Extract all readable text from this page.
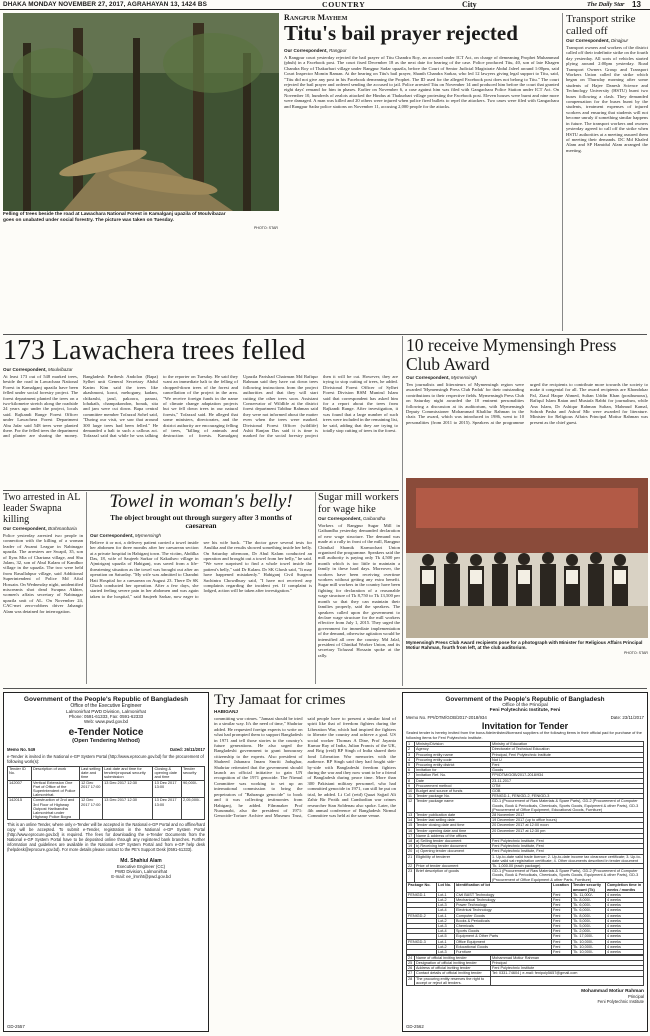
DHAKA MONDAY NOVEMBER 27, 2017, AGRAHAYAN 13, 1424 BS	COUNTRY	The Daily Star 13
City
Felling of trees beside the road at Lawachara National Forest in Kamalganj upazila of Moulvibazar goes on unabated under social forestry. The picture was taken on Tuesday.
PHOTO: STAR
Rangpur Mayhem
Titu's bail prayer rejected
Our Correspondent, Rangpur
A Rangpur court yesterday rejected the bail prayer of Titu Chandra Roy, an accused under ICT Act, on charge of demeaning Prophet Muhammad (pbuh) in a Facebook post. The court fixed December 18 as the next date for hearing of the case. Police produced Titu, 40, son of late Khagen Chandra Roy of Thakurbari village under Rangpur Sadar upazila, before the Court of Senior Judicial Magistrate Abdul Jaleel around 1:00pm, said Court Inspector Momin Raman. At the hearing on Titu's bail prayer, Shanth Chandra Sarkar, who led 12 lawyers giving legal support to Titu, said, "Titu did not give any post in his Facebook demeaning the Prophet. The ID used for the alleged Facebook post does not belong to Titu." The court rejected the bail prayer and ordered sending the accused to jail. Police arrested Titu on November 14 and produced him before the court that granted eight days' remand for him in phases. Earlier on November 6, a case against him was filed with Gangachara Police Station under ICT Act. On November 10, hundreds of zealots attacked the Hindus at Thakurbari village protesting the Facebook post. Eleven houses were burnt and nine more were damaged. A man was killed and 20 others were injured when police fired bullets to repel the attackers. Two cases were filed with Gangachara and Rangpur Sadar police stations on November 11, accusing 2,000 people for the attacks.
Transport strike called off
Our Correspondent, Dinajpur
Transport owners and workers of the district called off their indefinite strike on the fourth day yesterday. All sorts of vehicles started plying around 2:00pm yesterday. Road Transport Owners Group and Transport Workers Union called the strike which began on Thursday morning after some students of Hajee Danesh Science and Technology University (HSTU) burnt two buses following a clash. They demanded compensation for the buses burnt by the students, treatment expenses of injured workers and ensuring that students will not become unruly if something similar happens in future. The transport workers and owners yesterday agreed to call off the strike when HSTU authorities at a meeting assured them of meeting their demands. DC Md Khaled Alam and SP Hamidul Alam arranged the meeting.
173 Lawachera trees felled
Our Correspondent, Moulvibazar
At least 173 out of 548 marked trees, beside the road in Lawachara National Forest in Kamalganj upazila have been felled under social forestry project. The forest department planted the trees on a two-kilometre stretch along the roadside 24 years ago under the project, locals said. Rajkandi Range Forest Officer under Lawachera Forest Department Abu Jafar said 548 trees were planted there. For the felled trees the department and planter are sharing the money. Bangladesh Paribesh Andolon (Bapa) Sylhet unit General Secretary Abdul Karim Kim said the trees like akashmoni, koroi, mehogany, kadam, chikrashi, jarul, pakoora, panasi, lohakath, champakondon, bonak, sita and jam were cut down. Bapa central committee member Tofazzal Sohel said, "During our visit, we saw that around 300 large trees had been felled." He demanded a halt to such a callous act. Tofazzal said that while he was talking to the reporter on Tuesday. He said they want an immediate halt to the felling of chopped-down trees of the forest and cancellation of the project in the area. "We receive foreign funds in the name of climate change adaptation projects but we fell down trees in our natural forests," Tofazzal said. He alleged that some ministers, directorates, and the district authority are encouraging felling of trees, "killing of animals and destruction of forests. Kamalganj Upazila Parishad Chairman Md Rafiqur Rahman said they have cut down trees following instructions from the project authorities and that they will start cutting the other trees soon. Assistant Conservator of Wildlife at the district forest department Tabibur Rahman said they were not informed about the matter even when the trees were marked. Divisional Forest Officer (wildlife) Ashit Ranjan Das said it is time is marked for the social forestry project then it will be cut. However, they are trying to stop cutting of trees, he added. Divisional Forest Officer of Sylhet Forest Division RSM Munirul Islam said that correspondent has asked him for a report about the trees from Rajkandi Range. After investigation, it was found that a large number of such trees were included in the remaining list, he said, adding that they are trying to totally stop cutting of trees in the forest.
10 receive Mymensingh Press Club Award
Our Correspondent, Mymensingh
Ten journalists and litterateurs of Mymensingh region were awarded 'Mymensingh Press Club Padak' for their outstanding contributions to their respective fields. Mymensingh Press Club on Saturday night awarded the 10 eminent personalities following a discussion at its auditorium, with Mymensingh Deputy Commissioner Mohammad Khalilur Rahman in the chair. The award, which was introduced in 1986, went to 10 personalities (from 2011 to 2015). Speakers at the programme urged the recipients to contribute more towards the society to make it congenial for all. The award recipients are Khondokar Pal, Ziaul Haque Ahmed, Sultan Uddin Khan (posthumous), Rafiqul Islam Ratan and Mustafa Rabbi for journalism, while Ana Islam, Dr Ashiqur Rahman Sultan, Mahmud Kamal, Sohrab Pasha and Ashraf Mir were awarded for literature. Minister for Religious Affairs Principal Motiur Rahman was present as the chief guest.
Mymensingh Press Club Award recipients pose for a photograph with Minister for Religious Affairs Principal Motiur Rahman, fourth from left, at the club auditorium.
PHOTO: STAR
Two arrested in AL leader Swapna killing
Our Correspondent, Brahmanbaria
Police yesterday arrested two people in connection with the killing of a woman leader of Awami League in Nabinagar upazila. The arrestees are Swapil, 35, son of Ilyas Mia of Chartana village, and Shu Jalam, 32, son of Abul Kalam of Kandhor village in the upazila. The two were held from Rasullahpur village, said Additional Superintendent of Police Md Aftal Hossain. On Wednesday night, unidentified miscreants shot dead Swapna Akhter, women's affairs secretary of Nabinagar upazila unit of AL. On November 24, CAC-met zero-robbers driver Jahangir Alam was detained for interrogation.
Towel in woman's belly!
The object brought out through surgery after 3 months of caesarean
Our Correspondent, Mymensingh
Believe it or not, a delivery patient carried a towel inside her abdomen for three months after her caesarean section at a private hospital in Habiganj town. The victim, Abdilka Das, 18, wife of Saujeeb Sarkar of Kakailseo village in Ajmiriganj upazila of Habiganj, was saved from a life-threatening situation as the towel was brought out after an operation on Saturday. "My wife was admitted to Chandni Hati Hospital for a caesarean on August 23. There Dr SK Ghosh conducted her operation. After a few days, she started feeling severe pain in her abdomen and was again taken to the hospital," said Saujeeb Sarkar, now eager to see his wife back. "The doctor gave several tests for Anulika and the results showed something inside her belly. On Saturday afternoon, Dr Abul Kalam conducted an operation and brought out a towel from her belly," he said. "We were surprised to find a whole towel inside the patient's belly," said Dr Kalam. Dr SK Ghosh said, "It may have happened mistakenly." Habiganj Civil Surgeon Sachintra Chowdhury said, "I have not received any complaints regarding the incident yet. If complaint is lodged, action will be taken after investigation."
Sugar mill workers for wage hike
Our Correspondent, Gaibandha
Workers of Rangpur Sugar Mill in Gaibandha yesterday demanded declaration of new wage structure. The demand was made at a rally in front of the mill, Rangpur Chinikal Shamik Karmochari Union organised the programme. Speakers said the mill authority is paying only Tk 4,500 per month which is too little to maintain a family in these hard days. Moreover, the workers have been receiving overtime workers without getting any extra benefit. Sugar mill workers in the country have been fighting for declaration of a reasonable wage structure of Tk 8,750 to Tk 13,500 per month so that they can maintain their families properly, said the speakers. The speakers called upon the government to declare wage structure for the mill workers effective from July 1, 2015. They urged the government for immediate implementation of the demand, otherwise agitation would be intensified all over the country. Md Jalal, president of Chinikal Worker Union, and its secretary Tofazzal Hossain spoke at the rally.
Government of the People's Republic of Bangladesh
Office of the Executive Engineer
Lalmonirhat PWD Division, Lalmonirhat
Phone: 0591-61333, Fax: 0591-62333
Web: www.pwd.gov.bd
e-Tender Notice
(Open Tendering Method)
Memo No. 549	Dated: 26/11/2017
e-Tender is invited in the National e-GP System Portal (http://www.eprocure.gov.bd) for the procurement of following work(s):
Tender ID No.	Description of work	Last selling date and time	Last date and time for tender/proposal security submission	Closing & opening date and time	Tender security
142007	Vertical Extension One Part of Office of the Superintendent of Police Lalmonirhat.	12 Dec 2017 17:00	13 Dec 2017 12:30	13 Dec 2017 13:00	90,000/-
142015	Construction of 2nd and 3rd Floor of Highway Outpost Haribandha Lalmonirhat under Highway Police Bogra	12 Dec 2017 17:00	13 Dec 2017 12:30	13 Dec 2017 13:00	2,05,000/-
This is an online Tender, where only e-Tender will be accepted in the National e-GP Portal and no offline/hard copy will be accepted. To submit e-Tender, registration in the National e-GP System Portal (http://www.eprocure.gov.bd) is required. The fees for downloading the e-Tender Documents from the National e-GP System Portal have to be deposited online through any registered bank branches. Further information and guidelines are available in the National e-GP System Portal and from e-GP help desk (helpdesk@eprocure.gov.bd). For more details please contact to the PE's Support Desk (0591-61333).
Md. Shahiul Alam
Executive Engineer (CC)
PWD Division, Lalmonirhat
E-mail: ee_lmnht@pwd.gov.bd
GD-2557
Try Jamaat for crimes
HABIGANJ
committing war crimes. "Jamaat should be tried in a similar way. It's the need of time," Shahriar added. He requested foreign experts to write on what had prompted them to support Bangladesh in 1971 and tell those stories to the country's future generations. He also urged the Bangladeshi government to grant honourary citizenship to the experts. Also president of Shaheed Jahanara Imam Smriti Jadughar, Shahriar reiterated that the government should launch an official initiative to gain UN recognition of the 1971 genocide. The Nirmul Committee was working to set up an international commission to bring the perpetrators of "Bahranga genocide" to book and it was collecting testimonies from Habiganj, he added. Filmmaker Prof Nurunnabi, also the president of 1971: Genocide-Torture Archive and Museum Trust, said people have to present a similar kind of spirit like that of freedom fighters during the Liberation War, which had inspired the fighters to liberate the country and achieve a goal. US social worker Thomas A Dine, Prof Jayanta Kumar Ray of India, Julian Francis of the UK, and Brig (retd) RP Singh of India shared their fond Liberation War memories with the audience. RP Singh said they had fought side-by-side with Bangladeshi freedom fighters during the war and they now want to be a friend of Bangladesh during peace time. More than 300 Pakistani military personnel, who had committed genocide in 1971, can still be put on trial, he added. Lt Col (retd) Quazi Sajjad Ali Zahir Bir Protik and Cambodian war crimes researcher Stan Soldenau also spoke. Later, the 4th annual conference of Bangladesh Nirmul Committee was held at the same venue.
Government of the People's Republic of Bangladesh
Office of the Principal
Feni Polytechnic Institute, Feni
Memo No. FPI/DTM/GOB/2017-2018/934	Date: 23/11/2017
Invitation for Tender
Sealed tender is hereby invited from the bona-fide/enlisted/licensed suppliers of the following items in their official pad for purchase of the following items for Feni Polytechnic Institute.
1	Ministry/Division	Ministry of Education
2	Agency	Directorate of Technical Education
3	Procuring entity name	Principal, Feni Polytechnic Institute
4	Procuring entity code	Not U
5	Procuring entity district	Feni
6	Invitation for	Goods
7	Invitation Ref. No.	FPI/DTM/GOB/2017-2018/934
8	Date	23-11-2017
9	Procurement method	OTM
10	Budget and source of funds	GOB
11	Tender package No.	FENIGD-1, FENIGD-2, FENIGD-3
12	Tender package name	GD-1 (Procurement of Raw Materials & Spare Parts), GD-2 (Procurement of Computer Goods, Book & Periodicals, Chemicals, Sports Goods, Equipment & other Parts), GD-3 (Procurement of Office Equipment, Educational Goods, Furniture)
13	Tender publication date	28 November 2017
14	Tender last selling date	19 December 2017 (up to office hours)
15	Tender closing date and time	20 December 2017 at 12:00 noon
16	Tender opening date and time	20 December 2017 at 12:30 pm
17	Name & address of the offices	
18	a) Selling tender document	Feni Polytechnic Institute, Feni
19	b) Receiving tender document	Feni Polytechnic Institute, Feni
20	c) Opening tender document	Feni Polytechnic Institute, Feni
21	Eligibility of tenderer	1. Up-to-date valid trade licence; 2. Up-to-date income tax clearance certificate; 3. Up-to-date valid vat registration certificate; 4. Other documents described in tender document
22	Price of tender document	Tk. 1,000.00 (each package)
23	Brief description of goods	GD-1 (Procurement of Raw Materials & Spare Parts), GD-2 (Procurement of Computer Goods, Book & Periodicals, Chemicals, Sports Goods, Equipment & other Parts), GD-3 (Procurement of Office Equipment & other Parts, Furniture)
Package No.	Lot No.	Identification of lot	Location	Tender security amount (Tk)	Completion time in weeks / months
FENIGD-1	Lot-1	Civil BAST Technology	Feni	Tk. 11,000/-	4 weeks
	Lot-2	Mechanical Technology	Feni	Tk. 8,000/-	4 weeks
	Lot-3	Power Technology	Feni	Tk. 6,000/-	4 weeks
	Lot-4	Electrical Technology	Feni	Tk. 6,000/-	4 weeks
FENIGD-2	Lot-1	Computer Goods	Feni	Tk. 8,000/-	4 weeks
	Lot-2	Books & Periodicals	Feni	Tk. 5,000/-	4 weeks
	Lot-3	Chemicals	Feni	Tk. 5,000/-	4 weeks
	Lot-4	Sports Goods	Feni	Tk. 2,000/-	4 weeks
	Lot-5	Equipment & Other Parts	Feni	Tk. 17,000/-	4 weeks
FENIGD-3	Lot-1	Office Equipment	Feni	Tk. 10,000/-	4 weeks
	Lot-2	Educational Goods	Feni	Tk. 10,000/-	4 weeks
	Lot-3	Furniture	Feni	Tk. 10,000/-	4 weeks
24	Name of official inviting tender	Mohammad Motiur Rahman
25	Designation of official inviting tender	Principal
26	Address of official inviting tender	Feni Polytechnic Institute
27	Contact details of official inviting tender	Tel: 0331-74604 | e-mail: fenipoly5657@gmail.com
28	The procuring entity reserves the right to accept or reject all tenders.	
Mohammad Motiur Rahman
Principal
Feni Polytechnic Institute
GD-2562
